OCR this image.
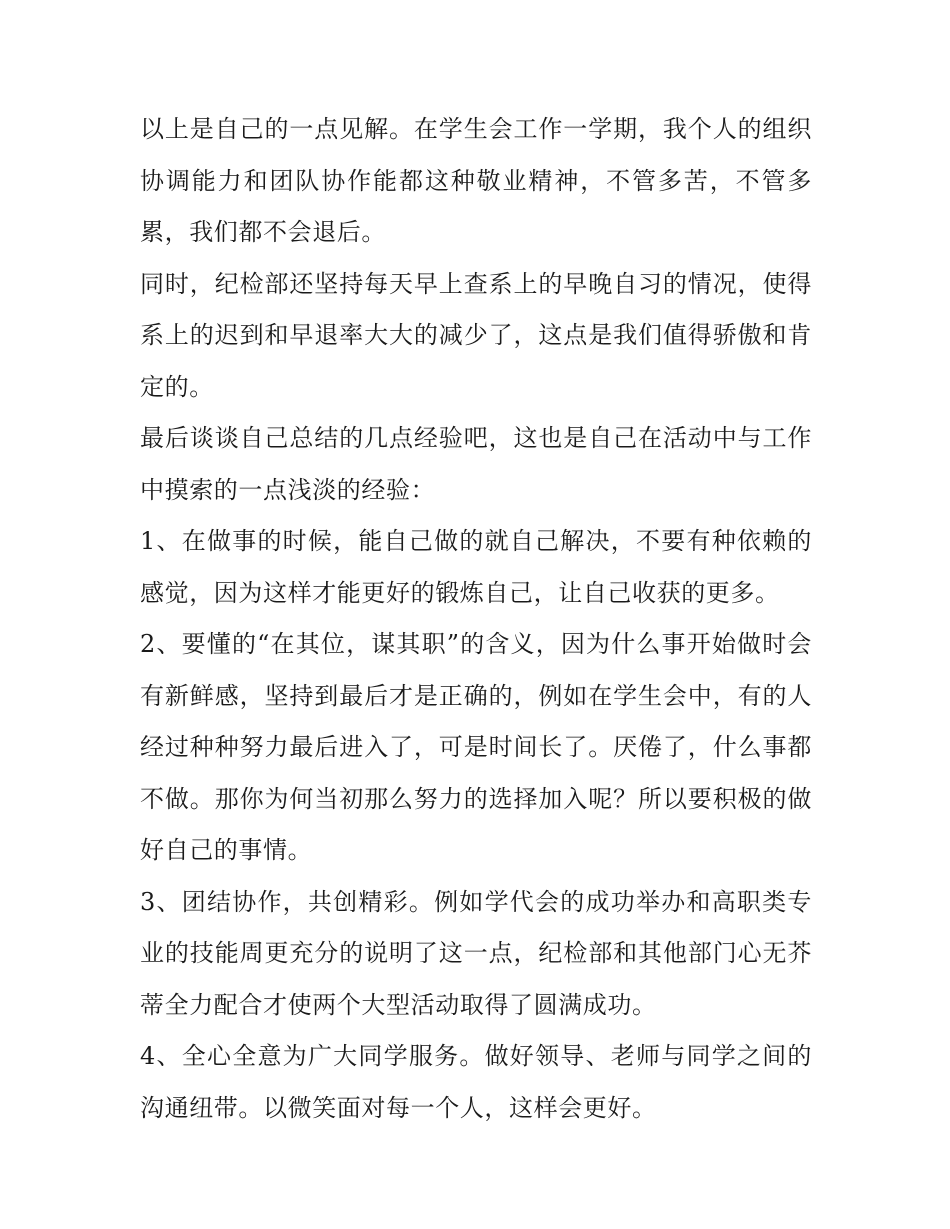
以上是自己的一点见解。在学生会工作一学期，我个人的组织协调能力和团队协作能都这种敬业精神，不管多苦，不管多累，我们都不会退后。

同时，纪检部还坚持每天早上查系上的早晚自习的情况，使得系上的迟到和早退率大大的减少了，这点是我们值得骄傲和肯定的。

最后谈谈自己总结的几点经验吧，这也是自己在活动中与工作中摸索的一点浅淡的经验：

1、在做事的时候，能自己做的就自己解决，不要有种依赖的感觉，因为这样才能更好的锻炼自己，让自己收获的更多。

2、要懂的“在其位，谋其职”的含义，因为什么事开始做时会有新鲜感，坚持到最后才是正确的，例如在学生会中，有的人经过种种努力最后进入了，可是时间长了。厌倦了，什么事都不做。那你为何当初那么努力的选择加入呢？所以要积极的做好自己的事情。

3、团结协作，共创精彩。例如学代会的成功举办和高职类专业的技能周更充分的说明了这一点，纪检部和其他部门心无芥蒂全力配合才使两个大型活动取得了圆满成功。

4、全心全意为广大同学服务。做好领导、老师与同学之间的沟通纽带。以微笑面对每一个人，这样会更好。
